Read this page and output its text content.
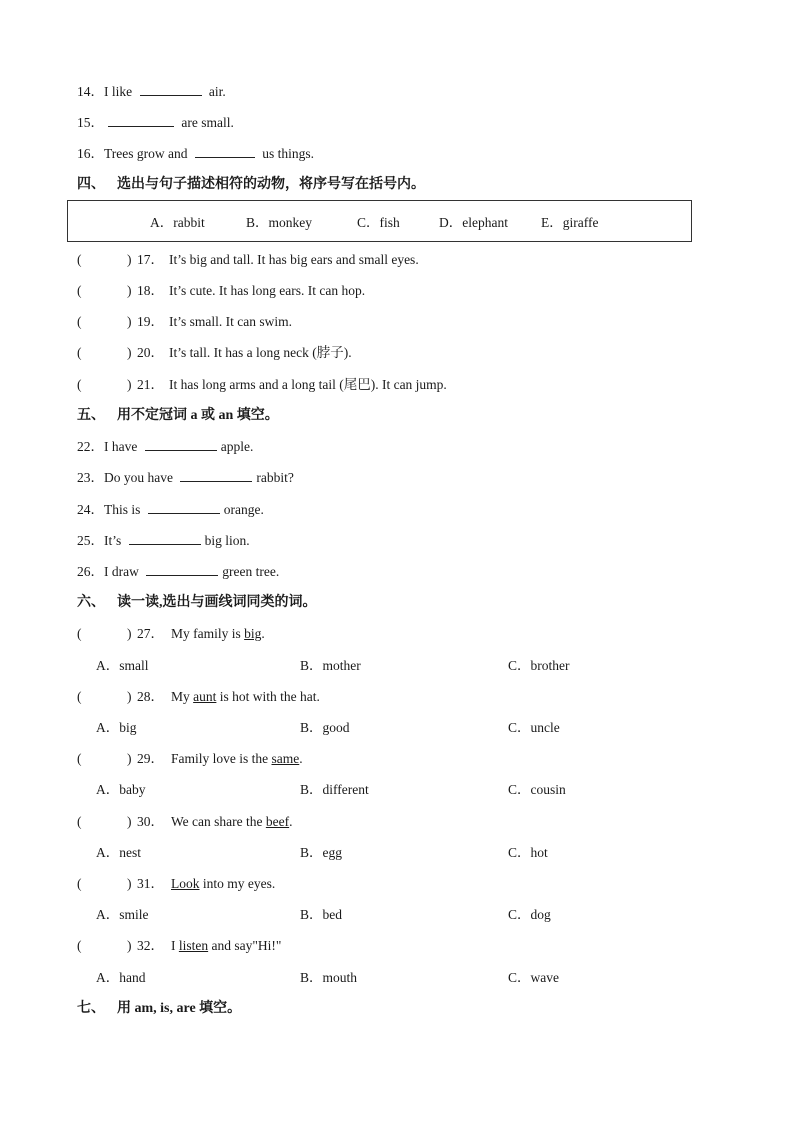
14．I like	air.
15．	are small.
16．Trees grow and	us things.
四、 选出与句子描述相符的动物，将序号写在括号内。
A．rabbit	B．monkey	C．fish	D．elephant E．giraffe
(	) 17． It’s big and tall. It has big ears and small eyes.
(	) 18． It’s cute. It has long ears. It can hop.
(	) 19． It’s small. It can swim.
(	) 20． It’s tall. It has a long neck (脖子).
(	) 21． It has long arms and a long tail (尾巴). It can jump.
五、 用不定冠词 a 或 an 填空。
22．I have	apple.
23．Do you have	rabbit?
24．This is	orange.
25．It’s	big lion.
26．I draw	green tree.
六、 读一读,选出与画线词同类的词。
(	) 27． My family is big.
A．small	B．mother	C．brother
(	) 28． My aunt is hot with the hat.
A．big	B．good	C．uncle
(	) 29． Family love is the same.
A．baby	B．different	C．cousin
(	) 30． We can share the beef.
A．nest	B．egg	C．hot
(	) 31． Look into my eyes.
A．smile	B．bed	C．dog
(	) 32． I listen and say"Hi!"
A．hand	B．mouth	C．wave
七、 用 am, is, are 填空。
